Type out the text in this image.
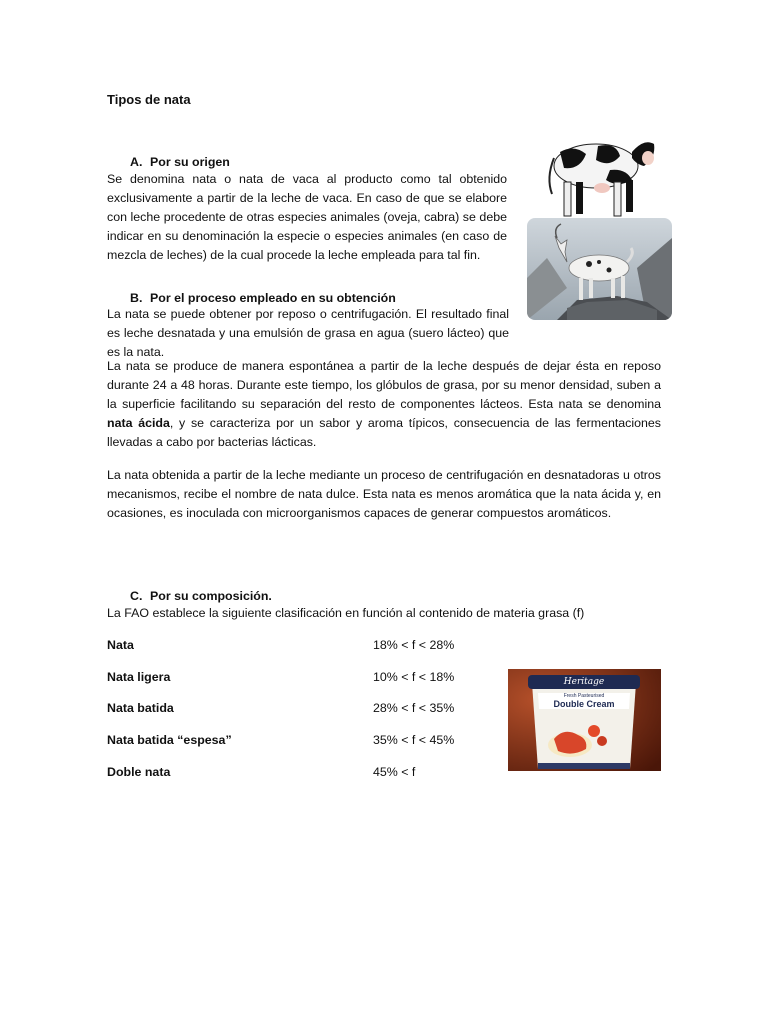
Tipos de nata
A. Por su origen
Se denomina nata o nata de vaca al producto como tal obtenido exclusivamente a partir de la leche de vaca. En caso de que se elabore con leche procedente de otras especies animales (oveja, cabra) se debe indicar en su denominación la especie o especies animales (en caso de mezcla de leches) de la cual procede la leche empleada para tal fin.
B. Por el proceso empleado en su obtención
La nata se puede obtener por reposo o centrifugación. El resultado final es leche desnatada y una emulsión de grasa en agua (suero lácteo) que es la nata.
La nata se produce de manera espontánea a partir de la leche después de dejar ésta en reposo durante 24 a 48 horas. Durante este tiempo, los glóbulos de grasa, por su menor densidad, suben a la superficie facilitando su separación del resto de componentes lácteos. Esta nata se denomina nata ácida, y se caracteriza por un sabor y aroma típicos, consecuencia de las fermentaciones llevadas a cabo por bacterias lácticas.
La nata obtenida a partir de la leche mediante un proceso de centrifugación en desnatadoras u otros mecanismos, recibe el nombre de nata dulce. Esta nata es menos aromática que la nata ácida y, en ocasiones, es inoculada con microorganismos capaces de generar compuestos aromáticos.
C. Por su composición.
La FAO establece la siguiente clasificación en función al contenido de materia grasa (f)
Nata	18% < f < 28%
Nata ligera	10% < f < 18%
Nata batida	28% < f < 35%
Nata batida “espesa”	35% < f < 45%
Doble nata	45% < f
Heritage
Fresh Pasteurised
Double Cream
